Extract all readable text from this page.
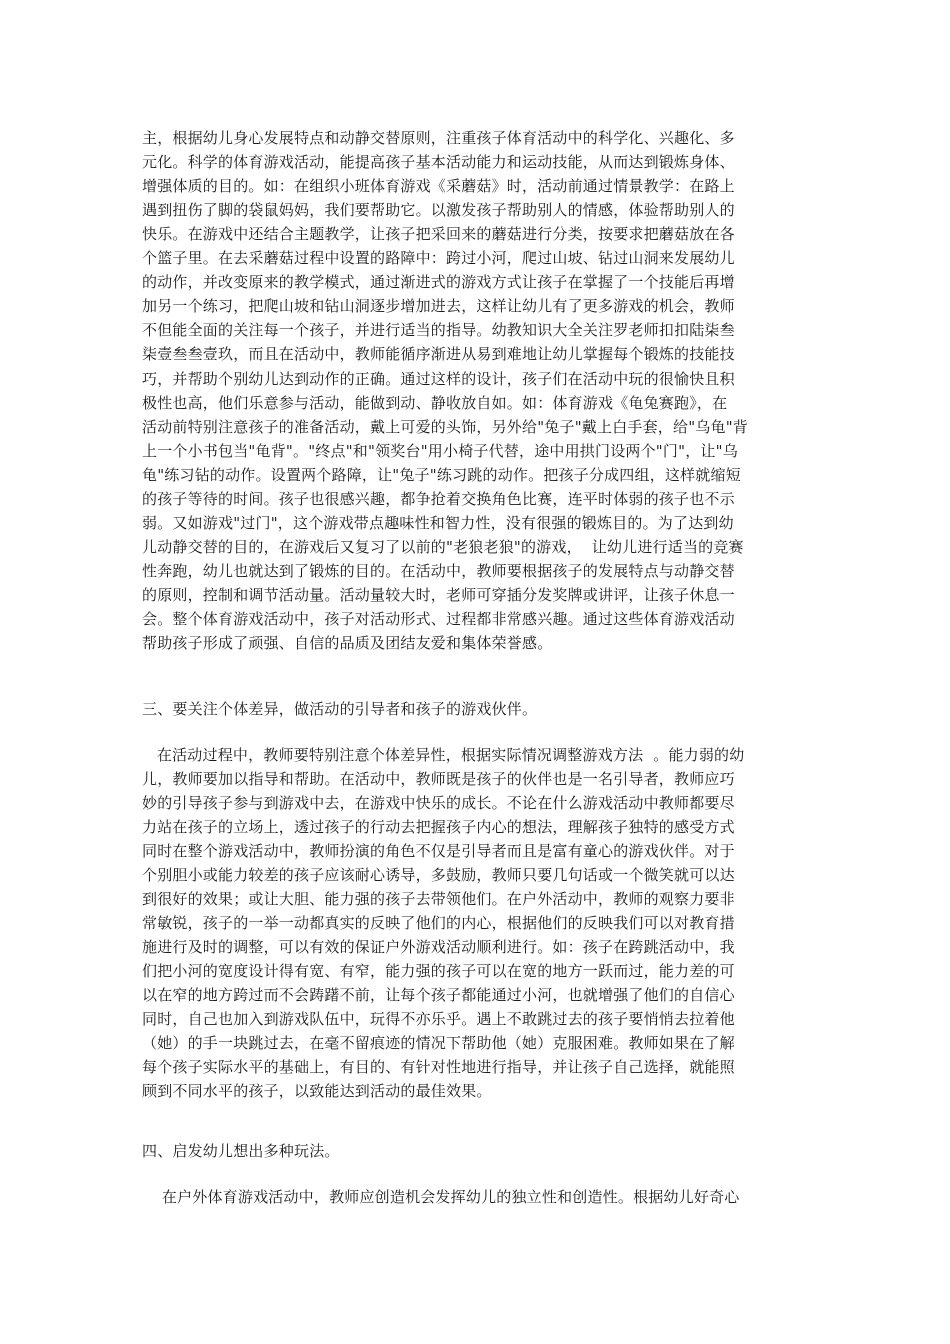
主，根据幼儿身心发展特点和动静交替原则，注重孩子体育活动中的科学化、兴趣化、多
元化。科学的体育游戏活动，能提高孩子基本活动能力和运动技能，从而达到锻炼身体、
增强体质的目的。如：在组织小班体育游戏《采蘑菇》时，活动前通过情景教学：在路上
遇到扭伤了脚的袋鼠妈妈，我们要帮助它。以激发孩子帮助别人的情感，体验帮助别人的
快乐。在游戏中还结合主题教学，让孩子把采回来的蘑菇进行分类，按要求把蘑菇放在各
个篮子里。在去采蘑菇过程中设置的路障中：跨过小河，爬过山坡、钻过山洞来发展幼儿
的动作，并改变原来的教学模式，通过渐进式的游戏方式让孩子在掌握了一个技能后再增
加另一个练习，把爬山坡和钻山洞逐步增加进去，这样让幼儿有了更多游戏的机会，教师
不但能全面的关注每一个孩子，并进行适当的指导。幼教知识大全关注罗老师扣扣陆柒叁
柒壹叁叁壹玖，而且在活动中，教师能循序渐进从易到难地让幼儿掌握每个锻炼的技能技
巧，并帮助个别幼儿达到动作的正确。通过这样的设计，孩子们在活动中玩的很愉快且积
极性也高，他们乐意参与活动，能做到动、静收放自如。如：体育游戏《龟兔赛跑》，在
活动前特别注意孩子的准备活动，戴上可爱的头饰，另外给"兔子"戴上白手套，给"乌龟"背
上一个小书包当"龟背"。"终点"和"领奖台"用小椅子代替，途中用拱门设两个"门"，让"乌
龟"练习钻的动作。设置两个路障，让"兔子"练习跳的动作。把孩子分成四组，这样就缩短
的孩子等待的时间。孩子也很感兴趣，都争抢着交换角色比赛，连平时体弱的孩子也不示
弱。又如游戏"过门"，这个游戏带点趣味性和智力性，没有很强的锻炼目的。为了达到幼
儿动静交替的目的，在游戏后又复习了以前的"老狼老狼"的游戏，  让幼儿进行适当的竞赛
性奔跑，幼儿也就达到了锻炼的目的。在活动中，教师要根据孩子的发展特点与动静交替
的原则，控制和调节活动量。活动量较大时，老师可穿插分发奖牌或讲评，让孩子休息一
会。整个体育游戏活动中，孩子对活动形式、过程都非常感兴趣。通过这些体育游戏活动
帮助孩子形成了顽强、自信的品质及团结友爱和集体荣誉感。
三、要关注个体差异，做活动的引导者和孩子的游戏伙伴。
在活动过程中，教师要特别注意个体差异性，根据实际情况调整游戏方法  。能力弱的幼
儿，教师要加以指导和帮助。在活动中，教师既是孩子的伙伴也是一名引导者，教师应巧
妙的引导孩子参与到游戏中去，在游戏中快乐的成长。不论在什么游戏活动中教师都要尽
力站在孩子的立场上，透过孩子的行动去把握孩子内心的想法，理解孩子独特的感受方式
同时在整个游戏活动中，教师扮演的角色不仅是引导者而且是富有童心的游戏伙伴。对于
个别胆小或能力较差的孩子应该耐心诱导，多鼓励，教师只要几句话或一个微笑就可以达
到很好的效果；或让大胆、能力强的孩子去带领他们。在户外活动中，教师的观察力要非
常敏锐，孩子的一举一动都真实的反映了他们的内心，根据他们的反映我们可以对教育措
施进行及时的调整，可以有效的保证户外游戏活动顺利进行。如：孩子在跨跳活动中，我
们把小河的宽度设计得有宽、有窄，能力强的孩子可以在宽的地方一跃而过，能力差的可
以在窄的地方跨过而不会踌躇不前，让每个孩子都能通过小河，也就增强了他们的自信心
同时，自己也加入到游戏队伍中，玩得不亦乐乎。遇上不敢跳过去的孩子要悄悄去拉着他
（她）的手一块跳过去，在毫不留痕迹的情况下帮助他（她）克服困难。教师如果在了解
每个孩子实际水平的基础上，有目的、有针对性地进行指导，并让孩子自己选择，就能照
顾到不同水平的孩子，以致能达到活动的最佳效果。
四、启发幼儿想出多种玩法。
在户外体育游戏活动中，教师应创造机会发挥幼儿的独立性和创造性。根据幼儿好奇心
